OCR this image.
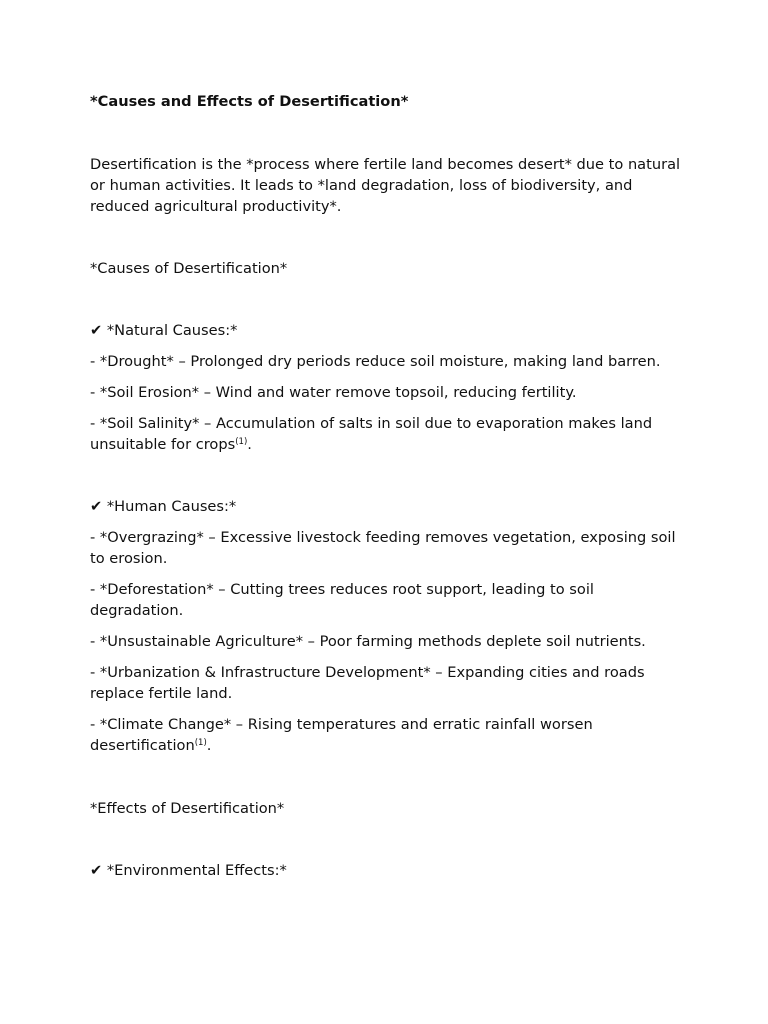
*Causes and Effects of Desertification*

Desertification is the *process where fertile land becomes desert* due to natural or human activities. It leads to *land degradation, loss of biodiversity, and reduced agricultural productivity*.

*Causes of Desertification*

✔ *Natural Causes:*

- *Drought* – Prolonged dry periods reduce soil moisture, making land barren.
- *Soil Erosion* – Wind and water remove topsoil, reducing fertility.
- *Soil Salinity* – Accumulation of salts in soil due to evaporation makes land unsuitable for crops$^{(1)}$.

✔ *Human Causes:*

- *Overgrazing* – Excessive livestock feeding removes vegetation, exposing soil to erosion.
- *Deforestation* – Cutting trees reduces root support, leading to soil degradation.
- *Unsustainable Agriculture* – Poor farming methods deplete soil nutrients.
- *Urbanization & Infrastructure Development* – Expanding cities and roads replace fertile land.
- *Climate Change* – Rising temperatures and erratic rainfall worsen desertification$^{(1)}$.

*Effects of Desertification*

✔ *Environmental Effects:*
